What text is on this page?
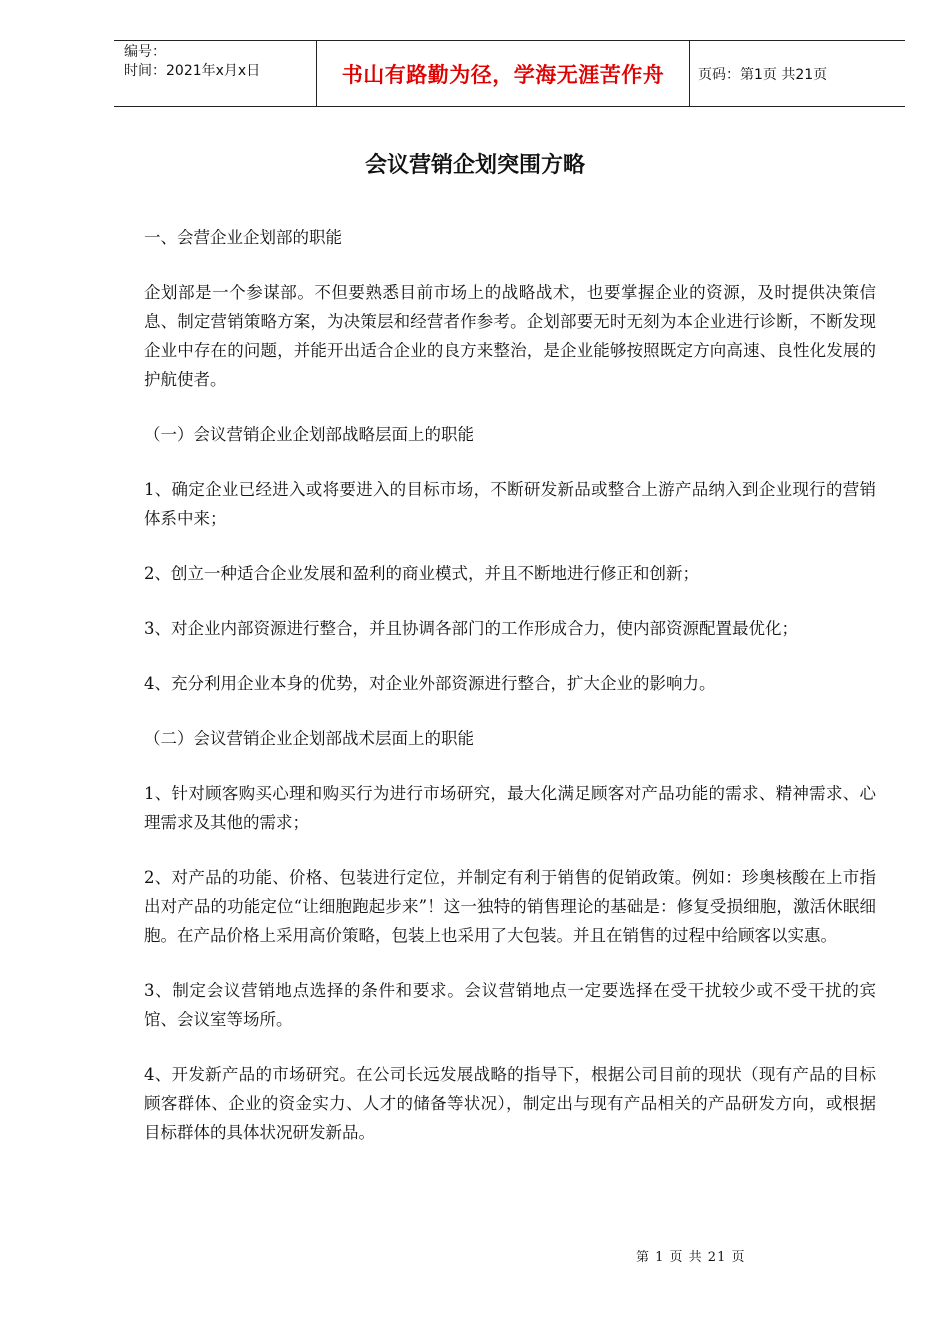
编号：
时间：2021年x月x日	书山有路勤为径，学海无涯苦作舟	页码：第1页 共21页
会议营销企划突围方略

一、会营企业企划部的职能

企划部是一个参谋部。不但要熟悉目前市场上的战略战术，也要掌握企业的资源，及时提供决策信息、制定营销策略方案，为决策层和经营者作参考。企划部要无时无刻为本企业进行诊断，不断发现企业中存在的问题，并能开出适合企业的良方来整治，是企业能够按照既定方向高速、良性化发展的护航使者。

（一）会议营销企业企划部战略层面上的职能

1、确定企业已经进入或将要进入的目标市场，不断研发新品或整合上游产品纳入到企业现行的营销体系中来；

2、创立一种适合企业发展和盈利的商业模式，并且不断地进行修正和创新；

3、对企业内部资源进行整合，并且协调各部门的工作形成合力，使内部资源配置最优化；

4、充分利用企业本身的优势，对企业外部资源进行整合，扩大企业的影响力。

（二）会议营销企业企划部战术层面上的职能

1、针对顾客购买心理和购买行为进行市场研究，最大化满足顾客对产品功能的需求、精神需求、心理需求及其他的需求；

2、对产品的功能、价格、包装进行定位，并制定有利于销售的促销政策。例如：珍奥核酸在上市指出对产品的功能定位“让细胞跑起步来”！这一独特的销售理论的基础是：修复受损细胞，激活休眠细胞。在产品价格上采用高价策略，包装上也采用了大包装。并且在销售的过程中给顾客以实惠。

3、制定会议营销地点选择的条件和要求。会议营销地点一定要选择在受干扰较少或不受干扰的宾馆、会议室等场所。

4、开发新产品的市场研究。在公司长远发展战略的指导下，根据公司目前的现状（现有产品的目标顾客群体、企业的资金实力、人才的储备等状况），制定出与现有产品相关的产品研发方向，或根据目标群体的具体状况研发新品。

第 1 页 共 21 页
